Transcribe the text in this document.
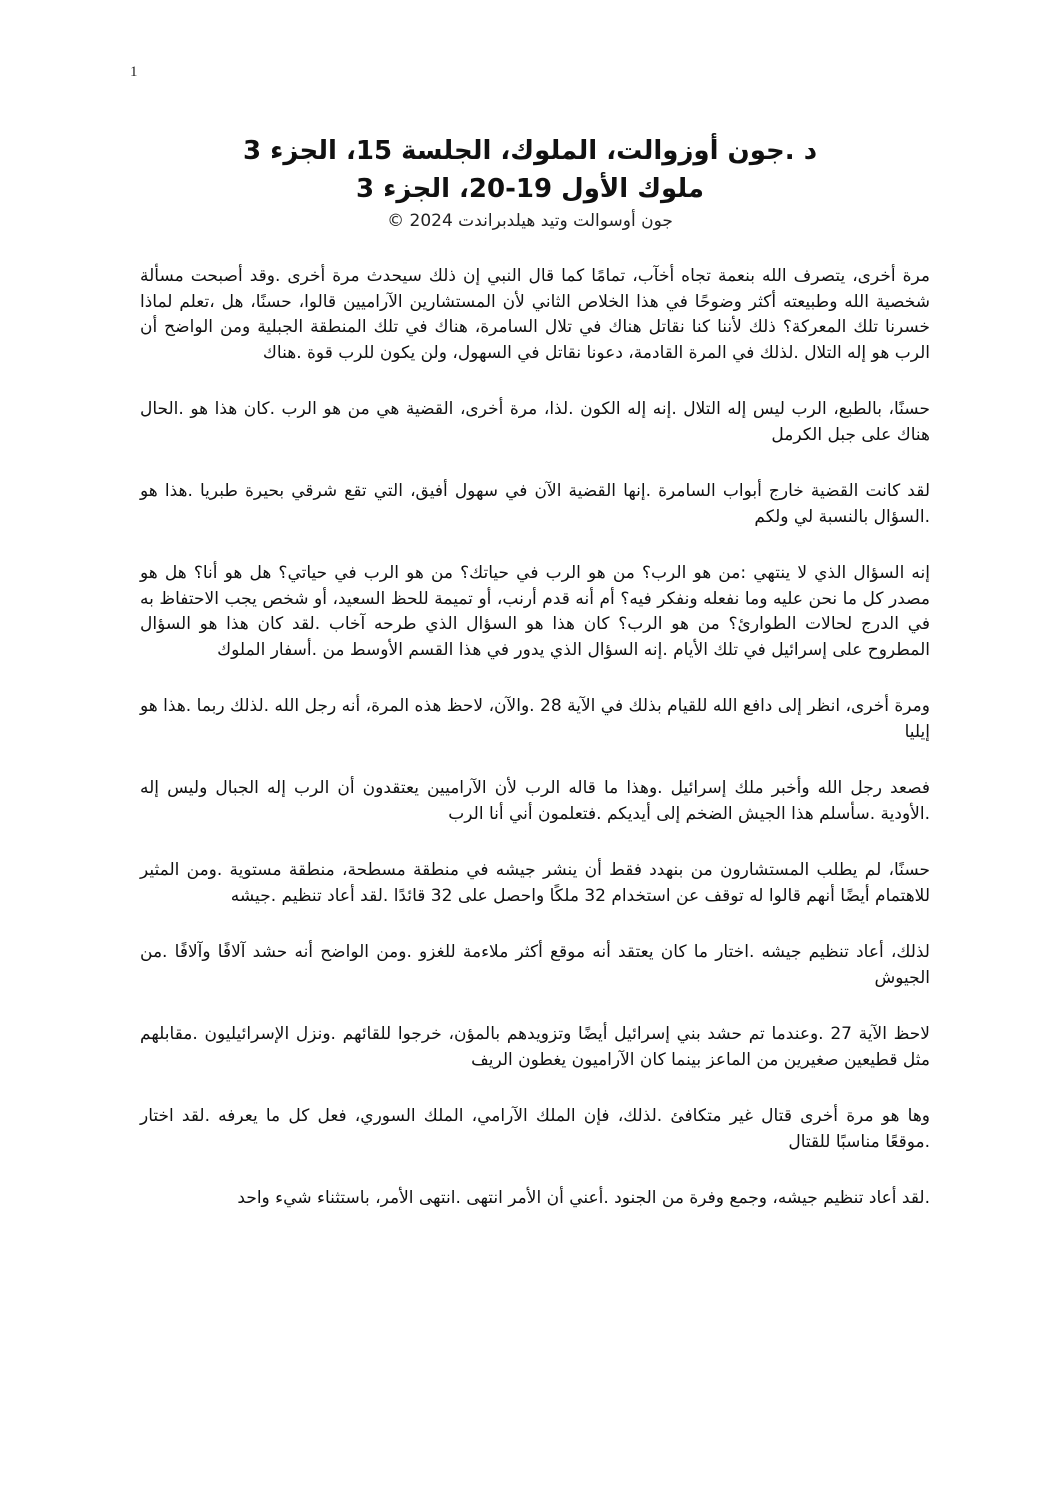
1
د .جون أوزوالت، الملوك، الجلسة 15، الجزء 3
ملوك الأول 19-20، الجزء 3
جون أوسوالت وتيد هيلدبراندت 2024 ©

مرة أخرى، يتصرف الله بنعمة تجاه أخآب، تمامًا كما قال النبي إن ذلك سيحدث مرة أخرى .وقد أصبحت مسألة شخصية الله وطبيعته أكثر وضوحًا في هذا الخلاص الثاني لأن المستشارين الآراميين قالوا، حسنًا، هل ،تعلم لماذا خسرنا تلك المعركة؟ ذلك لأننا كنا نقاتل هناك في تلال السامرة، هناك في تلك المنطقة الجبلية ومن الواضح أن الرب هو إله التلال .لذلك في المرة القادمة، دعونا نقاتل في السهول، ولن يكون للرب قوة .هناك

حسنًا، بالطبع، الرب ليس إله التلال .إنه إله الكون .لذا، مرة أخرى، القضية هي من هو الرب .كان هذا هو .الحال هناك على جبل الكرمل

لقد كانت القضية خارج أبواب السامرة .إنها القضية الآن في سهول أفيق، التي تقع شرقي بحيرة طبريا .هذا هو .السؤال بالنسبة لي ولكم

إنه السؤال الذي لا ينتهي :من هو الرب؟ من هو الرب في حياتك؟ من هو الرب في حياتي؟ هل هو أنا؟ هل هو مصدر كل ما نحن عليه وما نفعله ونفكر فيه؟ أم أنه قدم أرنب، أو تميمة للحظ السعيد، أو شخص يجب الاحتفاظ به في الدرج لحالات الطوارئ؟ من هو الرب؟ كان هذا هو السؤال الذي طرحه آخاب .لقد كان هذا هو السؤال المطروح على إسرائيل في تلك الأيام .إنه السؤال الذي يدور في هذا القسم الأوسط من .أسفار الملوك

ومرة أخرى، انظر إلى دافع الله للقيام بذلك في الآية 28 .والآن، لاحظ هذه المرة، أنه رجل الله .لذلك ربما .هذا هو إيليا

فصعد رجل الله وأخبر ملك إسرائيل .وهذا ما قاله الرب لأن الآراميين يعتقدون أن الرب إله الجبال وليس إله .الأودية .سأسلم هذا الجيش الضخم إلى أيديكم .فتعلمون أني أنا الرب

حسنًا، لم يطلب المستشارون من بنهدد فقط أن ينشر جيشه في منطقة مسطحة، منطقة مستوية .ومن المثير للاهتمام أيضًا أنهم قالوا له توقف عن استخدام 32 ملكًا واحصل على 32 قائدًا .لقد أعاد تنظيم .جيشه

لذلك، أعاد تنظيم جيشه .اختار ما كان يعتقد أنه موقع أكثر ملاءمة للغزو .ومن الواضح أنه حشد آلافًا وآلافًا .من الجيوش

لاحظ الآية 27 .وعندما تم حشد بني إسرائيل أيضًا وتزويدهم بالمؤن، خرجوا للقائهم .ونزل الإسرائيليون .مقابلهم مثل قطيعين صغيرين من الماعز بينما كان الآراميون يغطون الريف

وها هو مرة أخرى قتال غير متكافئ .لذلك، فإن الملك الآرامي، الملك السوري، فعل كل ما يعرفه .لقد اختار .موقعًا مناسبًا للقتال

.لقد أعاد تنظيم جيشه، وجمع وفرة من الجنود .أعني أن الأمر انتهى .انتهى الأمر، باستثناء شيء واحد
